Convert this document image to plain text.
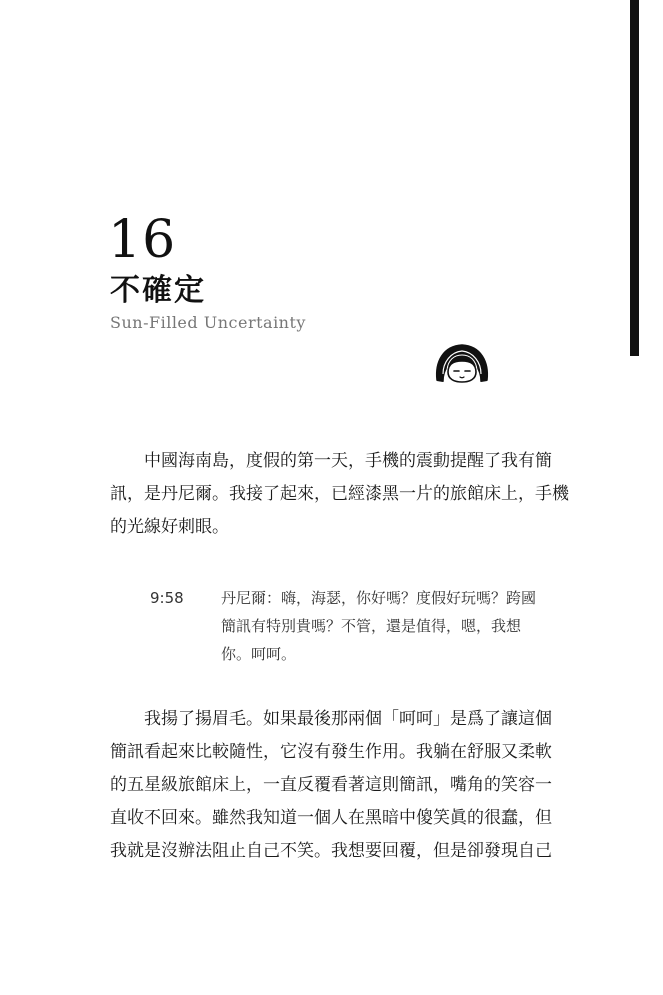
16
不確定
Sun-Filled Uncertainty

　　中國海南島，度假的第一天，手機的震動提醒了我有簡
訊，是丹尼爾。我接了起來，已經漆黑一片的旅館床上，手機
的光線好刺眼。

9:58 丹尼爾：嗨，海瑟，你好嗎？度假好玩嗎？跨國
簡訊有特別貴嗎？不管，還是值得，嗯，我想
你。呵呵。

　　我揚了揚眉毛。如果最後那兩個「呵呵」是爲了讓這個
簡訊看起來比較隨性，它沒有發生作用。我躺在舒服又柔軟
的五星級旅館床上，一直反覆看著這則簡訊，嘴角的笑容一
直收不回來。雖然我知道一個人在黑暗中傻笑眞的很蠢，但
我就是沒辦法阻止自己不笑。我想要回覆，但是卻發現自己
